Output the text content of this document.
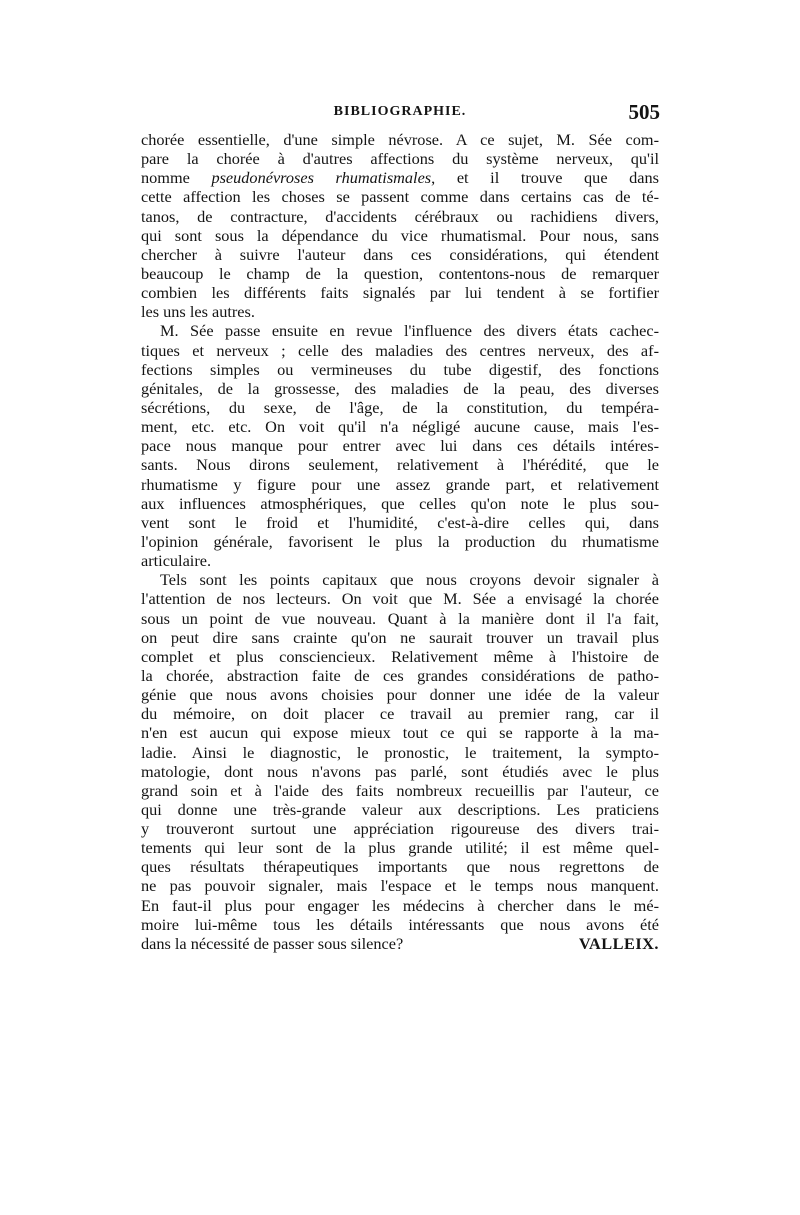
BIBLIOGRAPHIE.	505
chorée essentielle, d'une simple névrose. A ce sujet, M. Sée com-
pare la chorée à d'autres affections du système nerveux, qu'il
nomme pseudonévroses rhumatismales, et il trouve que dans
cette affection les choses se passent comme dans certains cas de té-
tanos, de contracture, d'accidents cérébraux ou rachidiens divers,
qui sont sous la dépendance du vice rhumatismal. Pour nous, sans
chercher à suivre l'auteur dans ces considérations, qui étendent
beaucoup le champ de la question, contentons-nous de remarquer
combien les différents faits signalés par lui tendent à se fortifier
les uns les autres.
M. Sée passe ensuite en revue l'influence des divers états cachec-
tiques et nerveux ; celle des maladies des centres nerveux, des af-
fections simples ou vermineuses du tube digestif, des fonctions
génitales, de la grossesse, des maladies de la peau, des diverses
sécrétions, du sexe, de l'âge, de la constitution, du tempéra-
ment, etc. etc. On voit qu'il n'a négligé aucune cause, mais l'es-
pace nous manque pour entrer avec lui dans ces détails intéres-
sants. Nous dirons seulement, relativement à l'hérédité, que le
rhumatisme y figure pour une assez grande part, et relativement
aux influences atmosphériques, que celles qu'on note le plus sou-
vent sont le froid et l'humidité, c'est-à-dire celles qui, dans
l'opinion générale, favorisent le plus la production du rhumatisme
articulaire.
Tels sont les points capitaux que nous croyons devoir signaler à
l'attention de nos lecteurs. On voit que M. Sée a envisagé la chorée
sous un point de vue nouveau. Quant à la manière dont il l'a fait,
on peut dire sans crainte qu'on ne saurait trouver un travail plus
complet et plus consciencieux. Relativement même à l'histoire de
la chorée, abstraction faite de ces grandes considérations de patho-
génie que nous avons choisies pour donner une idée de la valeur
du mémoire, on doit placer ce travail au premier rang, car il
n'en est aucun qui expose mieux tout ce qui se rapporte à la ma-
ladie. Ainsi le diagnostic, le pronostic, le traitement, la sympto-
matologie, dont nous n'avons pas parlé, sont étudiés avec le plus
grand soin et à l'aide des faits nombreux recueillis par l'auteur, ce
qui donne une très-grande valeur aux descriptions. Les praticiens
y trouveront surtout une appréciation rigoureuse des divers trai-
tements qui leur sont de la plus grande utilité; il est même quel-
ques résultats thérapeutiques importants que nous regrettons de
ne pas pouvoir signaler, mais l'espace et le temps nous manquent.
En faut-il plus pour engager les médecins à chercher dans le mé-
moire lui-même tous les détails intéressants que nous avons été
dans la nécessité de passer sous silence?	VALLEIX.
